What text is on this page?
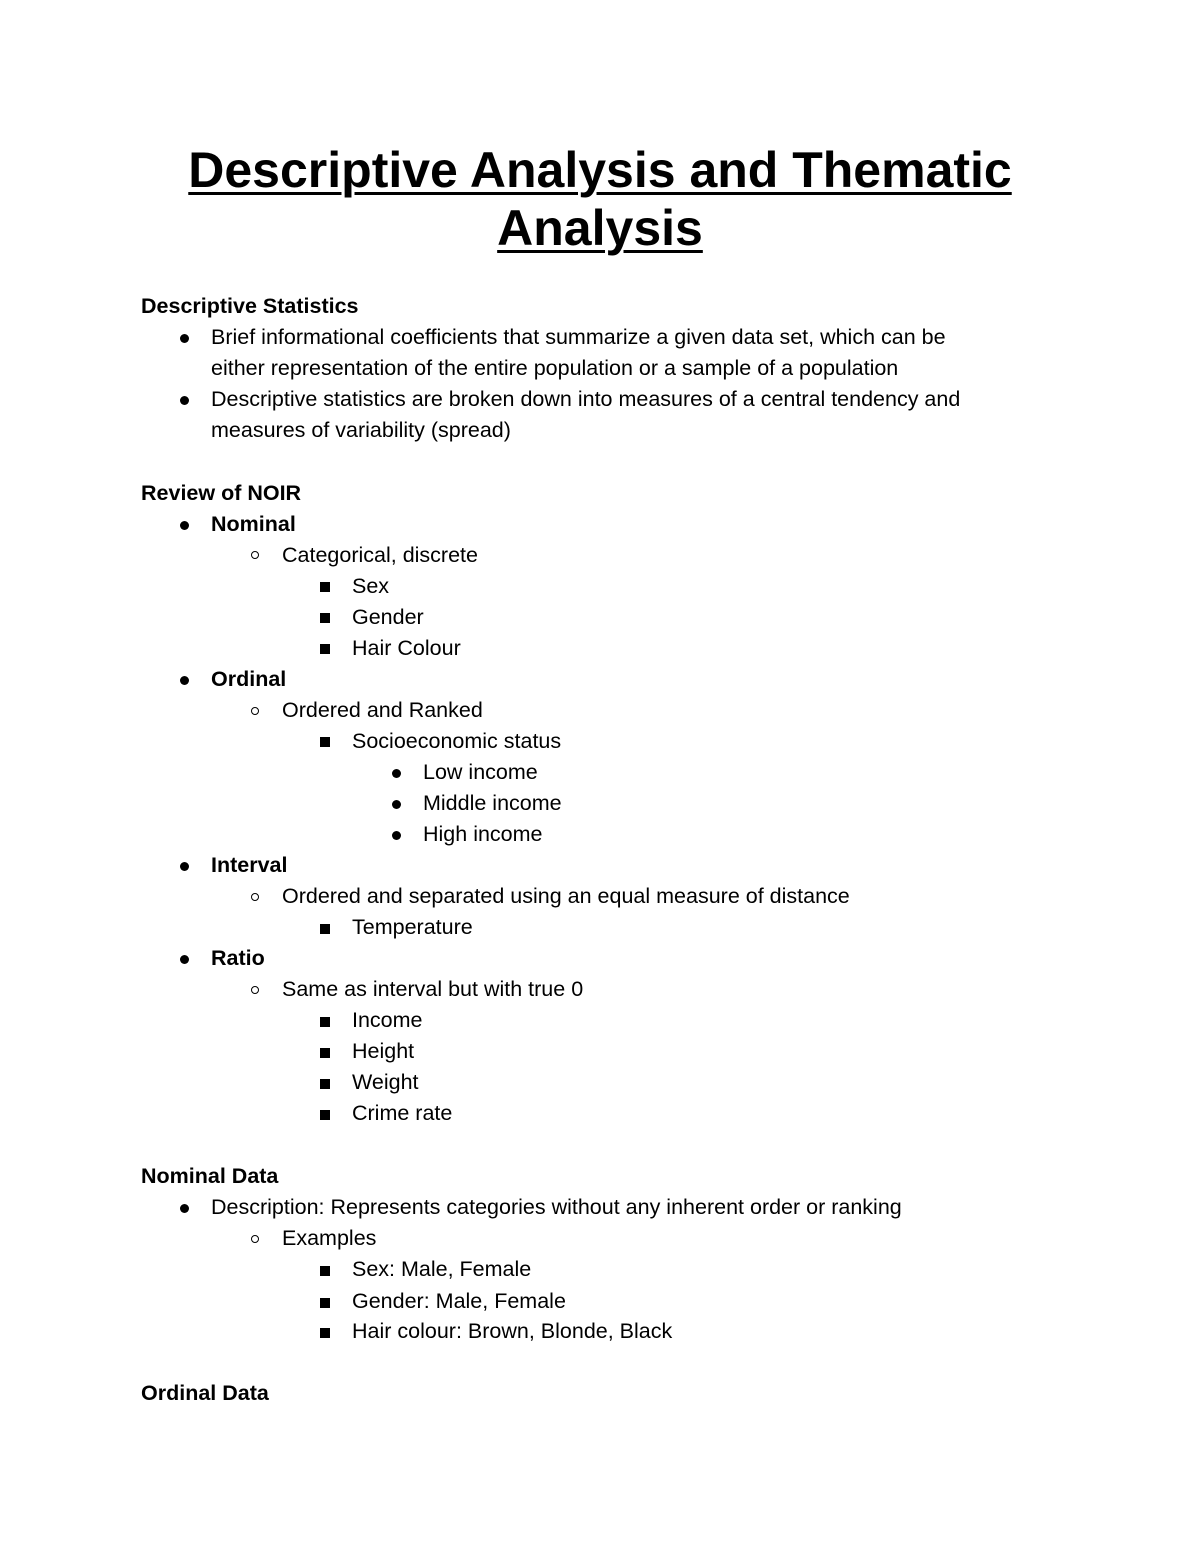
Descriptive Analysis and Thematic Analysis
Descriptive Statistics
Brief informational coefficients that summarize a given data set, which can be
either representation of the entire population or a sample of a population
Descriptive statistics are broken down into measures of a central tendency and
measures of variability (spread)
Review of NOIR
Nominal
Categorical, discrete
Sex
Gender
Hair Colour
Ordinal
Ordered and Ranked
Socioeconomic status
Low income
Middle income
High income
Interval
Ordered and separated using an equal measure of distance
Temperature
Ratio
Same as interval but with true 0
Income
Height
Weight
Crime rate
Nominal Data
Description: Represents categories without any inherent order or ranking
Examples
Sex: Male, Female
Gender: Male, Female
Hair colour: Brown, Blonde, Black
Ordinal Data
